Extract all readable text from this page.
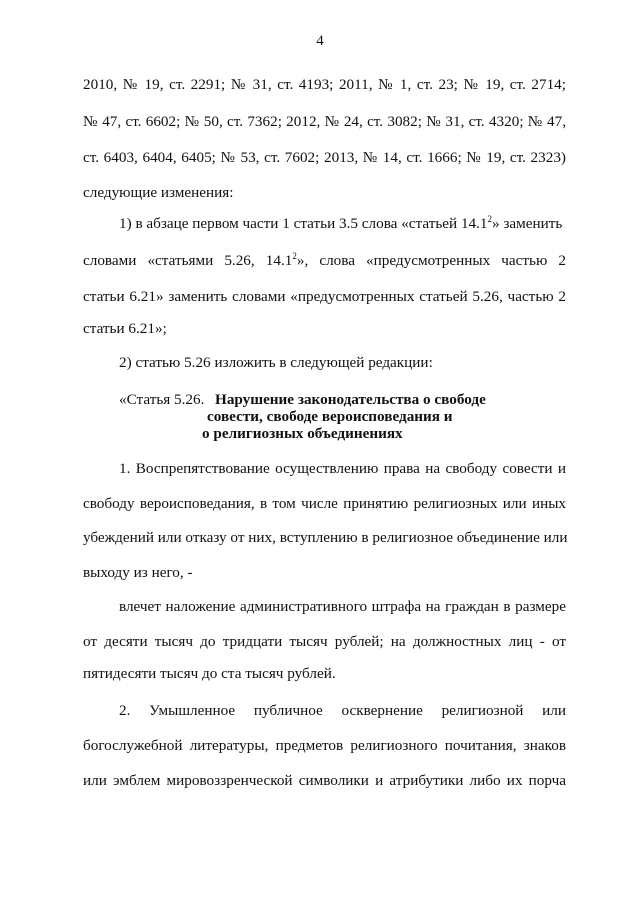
4
2010, № 19, ст. 2291; № 31, ст. 4193; 2011, № 1, ст. 23; № 19, ст. 2714;
№ 47, ст. 6602; № 50, ст. 7362; 2012, № 24, ст. 3082; № 31, ст. 4320; № 47,
ст. 6403, 6404, 6405; № 53, ст. 7602; 2013, № 14, ст. 1666; № 19, ст. 2323)
следующие изменения:
1) в абзаце первом части 1 статьи 3.5 слова «статьей 14.1$^2$» заменить
словами «статьями 5.26, 14.1$^2$», слова «предусмотренных частью 2
статьи 6.21» заменить словами «предусмотренных статьей 5.26, частью 2
статьи 6.21»;
2) статью 5.26 изложить в следующей редакции:
«Статья 5.26. Нарушение законодательства о свободе
совести, свободе вероисповедания и
о религиозных объединениях
1. Воспрепятствование осуществлению права на свободу совести и
свободу вероисповедания, в том числе принятию религиозных или иных
убеждений или отказу от них, вступлению в религиозное объединение или
выходу из него, -
влечет наложение административного штрафа на граждан в размере
от десяти тысяч до тридцати тысяч рублей; на должностных лиц - от
пятидесяти тысяч до ста тысяч рублей.
2. Умышленное публичное осквернение религиозной или
богослужебной литературы, предметов религиозного почитания, знаков
или эмблем мировоззренческой символики и атрибутики либо их порча
